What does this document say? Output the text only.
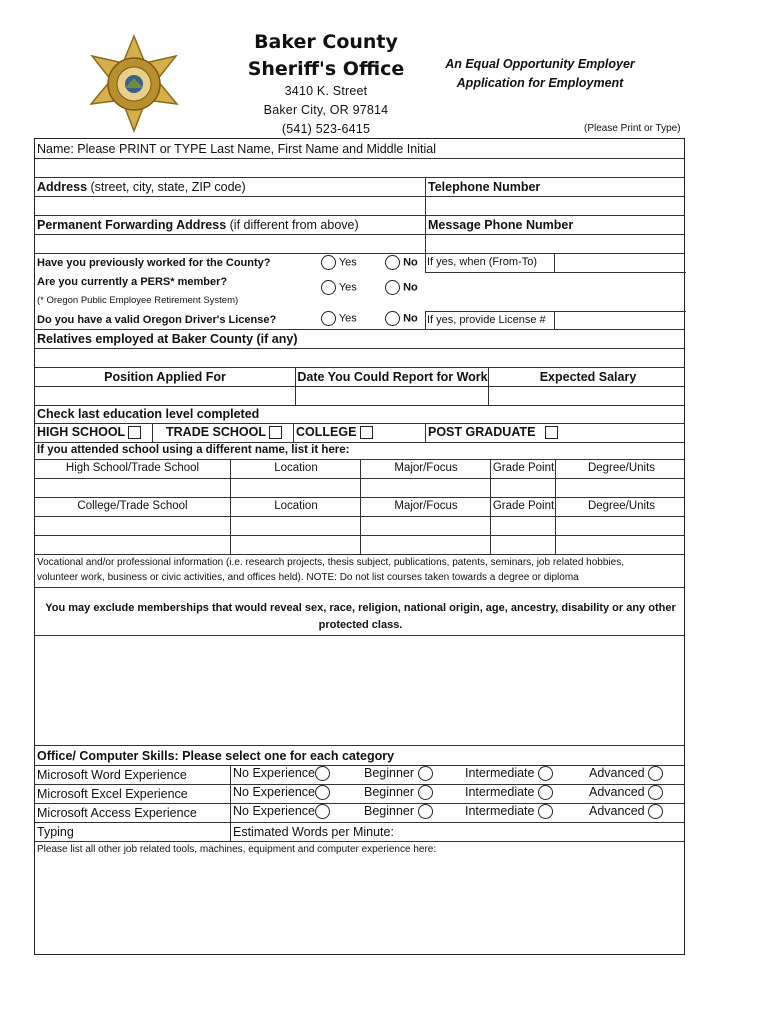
Baker County
Sheriff's Office
3410 K. Street
Baker City, OR 97814
(541) 523-6415
An Equal Opportunity Employer
Application for Employment
(Please Print or Type)
Name: Please PRINT or TYPE Last Name, First Name and Middle Initial
Address (street, city, state, ZIP code)	Telephone Number
Permanent Forwarding Address (if different from above)	Message Phone Number
Have you previously worked for the County?	Yes	No If yes, when (From-To)
Are you currently a PERS* member?	Yes	No
(* Oregon Public Employee Retirement System)
Do you have a valid Oregon Driver's License?	Yes	No If yes, provide License #
Relatives employed at Baker County (if any)
Position Applied For	Date You Could Report for Work	Expected Salary
Check last education level completed
HIGH SCHOOL	TRADE SCHOOL	COLLEGE	POST GRADUATE
If you attended school using a different name, list it here:
High School/Trade School	Location	Major/Focus	Grade Point	Degree/Units
College/Trade School	Location	Major/Focus	Grade Point	Degree/Units
Vocational and/or professional information (i.e. research projects, thesis subject, publications, patents, seminars, job related hobbies,
volunteer work, business or civic activities, and offices held). NOTE: Do not list courses taken towards a degree or diploma
You may exclude memberships that would reveal sex, race, religion, national origin, age, ancestry, disability or any other
protected class.
Office/ Computer Skills: Please select one for each category
Microsoft Word Experience	No Experience	Beginner	Intermediate	Advanced
Microsoft Excel Experience	No Experience	Beginner	Intermediate	Advanced
Microsoft Access Experience	No Experience	Beginner	Intermediate	Advanced
Typing	Estimated Words per Minute:
Please list all other job related tools, machines, equipment and computer experience here:
